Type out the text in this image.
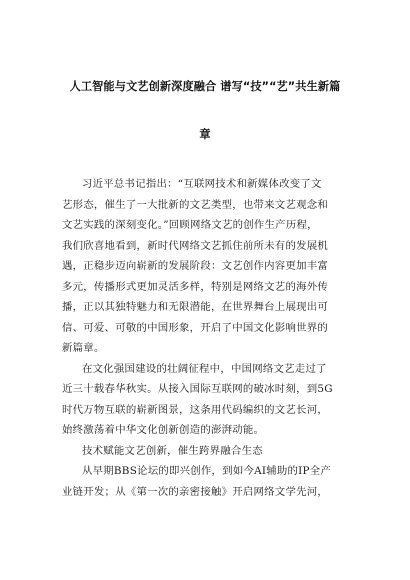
人工智能与文艺创新深度融合 谱写“技”“艺”共生新篇
章
习近平总书记指出：“互联网技术和新媒体改变了文
艺形态，催生了一大批新的文艺类型，也带来文艺观念和
文艺实践的深刻变化。”回顾网络文艺的创作生产历程，
我们欣喜地看到，新时代网络文艺抓住前所未有的发展机
遇，正稳步迈向崭新的发展阶段：文艺创作内容更加丰富
多元，传播形式更加灵活多样，特别是网络文艺的海外传
播，正以其独特魅力和无限潜能，在世界舞台上展现出可
信、可爱、可敬的中国形象，开启了中国文化影响世界的
新篇章。
在文化强国建设的壮阔征程中，中国网络文艺走过了
近三十载春华秋实。从接入国际互联网的破冰时刻，到5G
时代万物互联的崭新图景，这条用代码编织的文艺长河，
始终激荡着中华文化创新创造的澎湃动能。
技术赋能文艺创新，催生跨界融合生态
从早期BBS论坛的即兴创作，到如今AI辅助的IP全产
业链开发；从《第一次的亲密接触》开启网络文学先河，
